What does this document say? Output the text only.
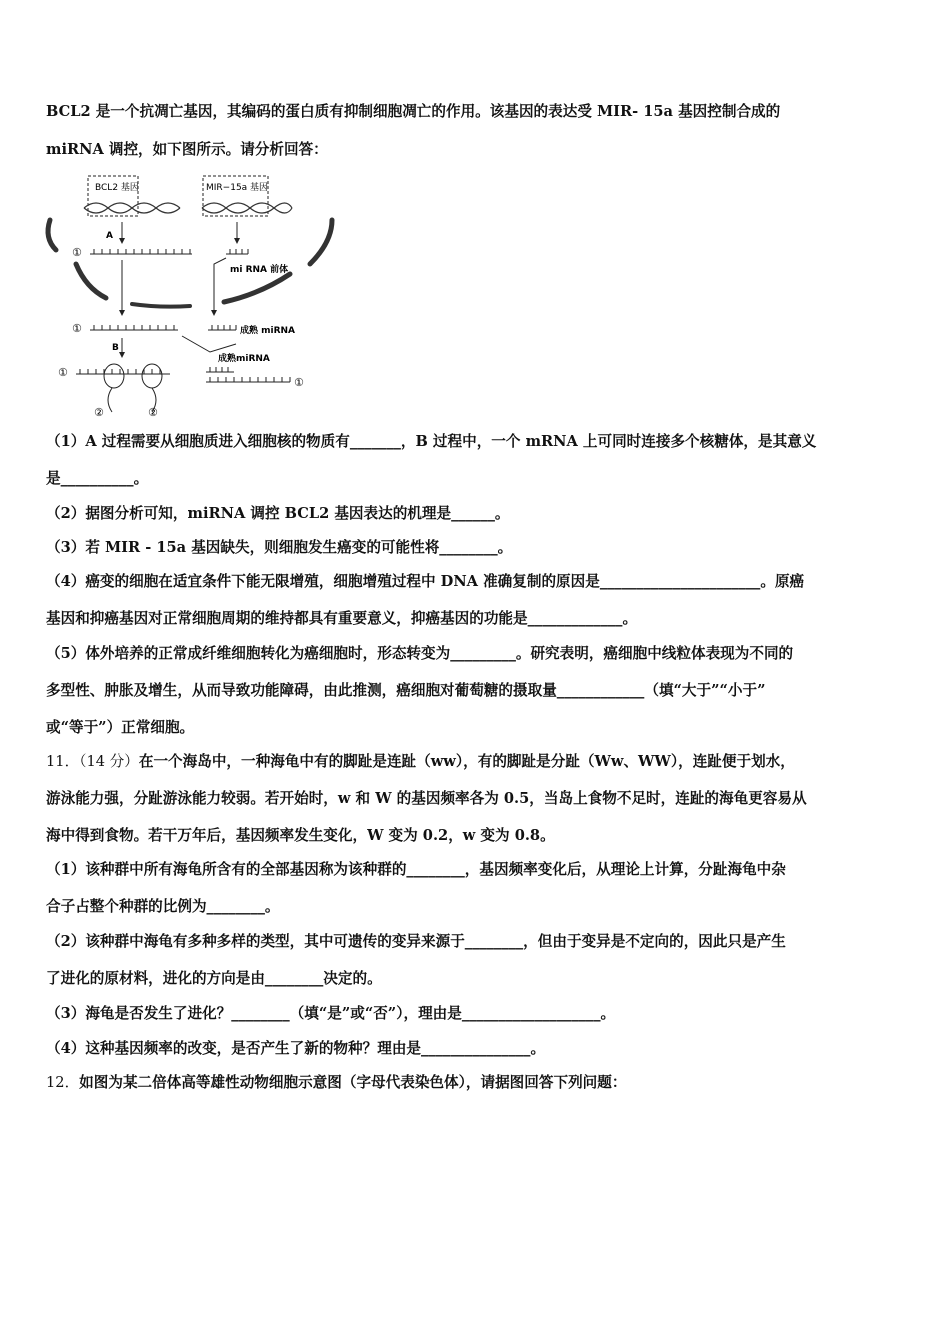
BCL2 是一个抗凋亡基因，其编码的蛋白质有抑制细胞凋亡的作用。该基因的表达受 MIR- 15a 基因控制合成的
miRNA 调控，如下图所示。请分析回答：
BCL2 基因	MIR−15a 基因
A
①
mi RNA 前体
①	成熟 miRNA
B
成熟miRNA
①
②	②
①
（1）A 过程需要从细胞质进入细胞核的物质有_______，B 过程中，一个 mRNA 上可同时连接多个核糖体，是其意义
是__________。
（2）据图分析可知，miRNA 调控 BCL2 基因表达的机理是______。
（3）若 MIR - 15a 基因缺失，则细胞发生癌变的可能性将________。
（4）癌变的细胞在适宜条件下能无限增殖，细胞增殖过程中 DNA 准确复制的原因是______________________。原癌
基因和抑癌基因对正常细胞周期的维持都具有重要意义，抑癌基因的功能是_____________。
（5）体外培养的正常成纤维细胞转化为癌细胞时，形态转变为_________。研究表明，癌细胞中线粒体表现为不同的
多型性、肿胀及增生，从而导致功能障碍，由此推测，癌细胞对葡萄糖的摄取量____________（填“大于”“小于”
或“等于”）正常细胞。
11．（14 分）在一个海岛中，一种海龟中有的脚趾是连趾（ww），有的脚趾是分趾（Ww、WW），连趾便于划水，
游泳能力强，分趾游泳能力较弱。若开始时，w 和 W 的基因频率各为 0.5，当岛上食物不足时，连趾的海龟更容易从
海中得到食物。若干万年后，基因频率发生变化，W 变为 0.2，w 变为 0.8。
（1）该种群中所有海龟所含有的全部基因称为该种群的________，基因频率变化后，从理论上计算，分趾海龟中杂
合子占整个种群的比例为________。
（2）该种群中海龟有多种多样的类型，其中可遗传的变异来源于________，但由于变异是不定向的，因此只是产生
了进化的原材料，进化的方向是由________决定的。
（3）海龟是否发生了进化？________（填“是”或“否”），理由是___________________。
（4）这种基因频率的改变，是否产生了新的物种？理由是_______________。
12．如图为某二倍体高等雄性动物细胞示意图（字母代表染色体），请据图回答下列问题：
